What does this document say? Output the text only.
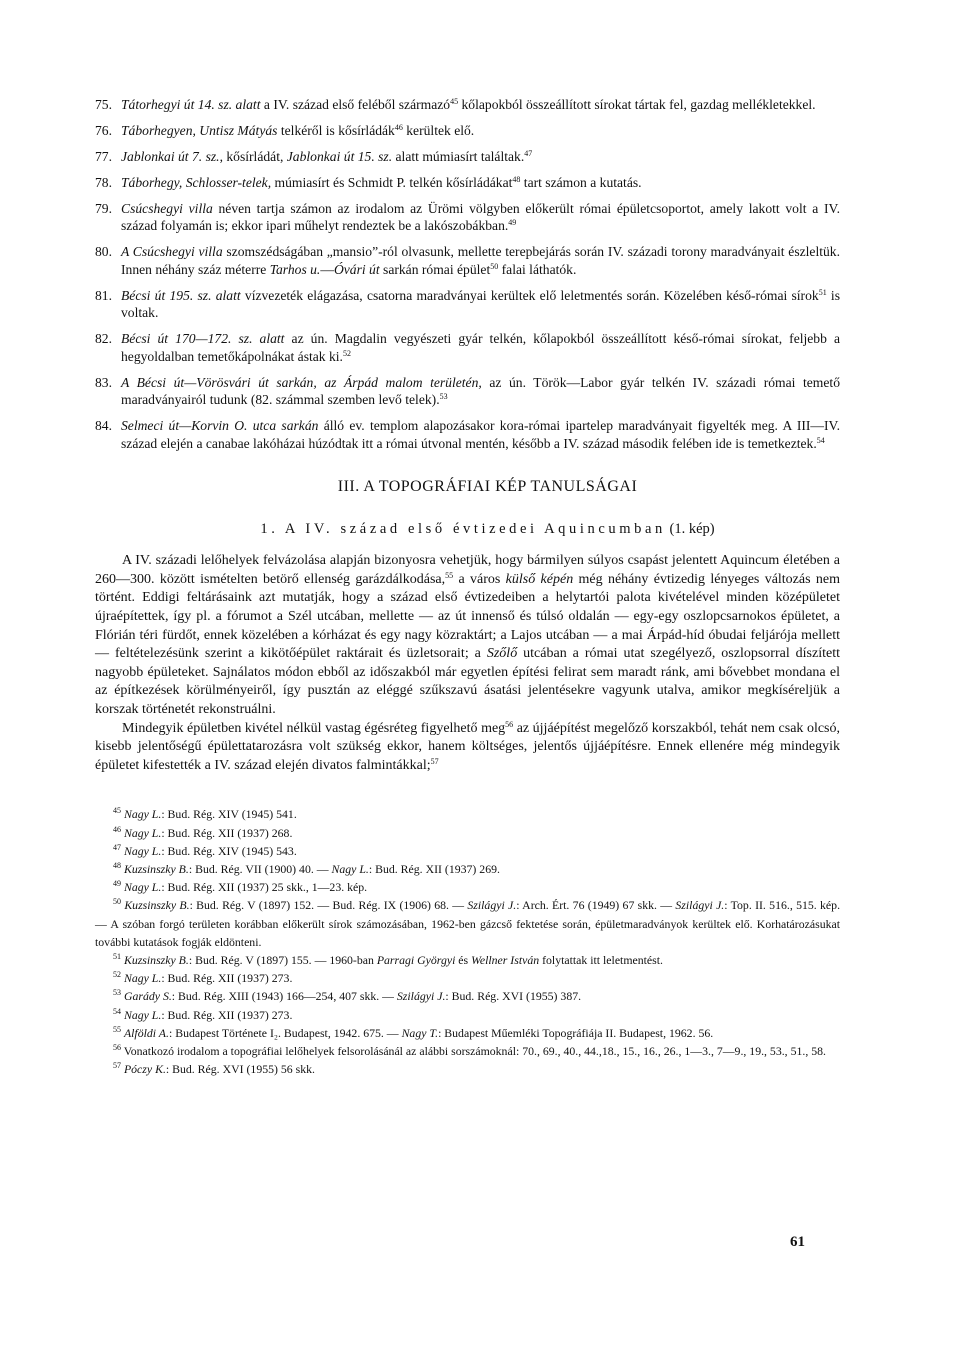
75. Tátorhegyi út 14. sz. alatt a IV. század első feléből származó$^{45}$ kőlapokból összeállított sírokat tártak fel, gazdag mellékletekkel.
76. Táborhegyen, Untisz Mátyás telkéről is kősírládák$^{46}$ kerültek elő.
77. Jablonkai út 7. sz., kősírládát, Jablonkai út 15. sz. alatt múmiasírt találtak.$^{47}$
78. Táborhegy, Schlosser-telek, múmiasírt és Schmidt P. telkén kősírládákat$^{48}$ tart számon a kutatás.
79. Csúcshegyi villa néven tartja számon az irodalom az Ürömi völgyben előkerült római épületcsoportot, amely lakott volt a IV. század folyamán is; ekkor ipari műhelyt rendeztek be a lakószobákban.$^{49}$
80. A Csúcshegyi villa szomszédságában „mansio”-ról olvasunk, mellette terepbejárás során IV. századi torony maradványait észleltük. Innen néhány száz méterre Tarhos u.—Óvári út sarkán római épület$^{50}$ falai láthatók.
81. Bécsi út 195. sz. alatt vízvezeték elágazása, csatorna maradványai kerültek elő leletmentés során. Közelében késő-római sírok$^{51}$ is voltak.
82. Bécsi út 170—172. sz. alatt az ún. Magdalin vegyészeti gyár telkén, kőlapokból összeállított késő-római sírokat, feljebb a hegyoldalban temetőkápolnákat ástak ki.$^{52}$
83. A Bécsi út—Vörösvári út sarkán, az Árpád malom területén, az ún. Török—Labor gyár telkén IV. századi római temető maradványairól tudunk (82. számmal szemben levő telek).$^{53}$
84. Selmeci út—Korvin O. utca sarkán álló ev. templom alapozásakor kora-római ipartelep maradványait figyelték meg. A III—IV. század elején a canabae lakóházai húzódtak itt a római útvonal mentén, később a IV. század második felében ide is temetkeztek.$^{54}$
III. A TOPOGRÁFIAI KÉP TANULSÁGAI
1. A IV. század első évtizedei Aquincumban (1. kép)

A IV. századi lelőhelyek felvázolása alapján bizonyosra vehetjük, hogy bármilyen súlyos csapást jelentett Aquincum életében a 260—300. között ismételten betörő ellenség garázdálkodása,$^{55}$ a város külső képén még néhány évtizedig lényeges változás nem történt. Eddigi feltárásaink azt mutatják, hogy a század első évtizedeiben a helytartói palota kivételével minden középületet újraépítettek, így pl. a fórumot a Szél utcában, mellette — az út innenső és túlsó oldalán — egy-egy oszlopcsarnokos épületet, a Flórián téri fürdőt, ennek közelében a kórházat és egy nagy közraktárt; a Lajos utcában — a mai Árpád-híd óbudai feljárója mellett — feltételezésünk szerint a kikötőépület raktárait és üzletsorait; a Szőlő utcában a római utat szegélyező, oszlopsorral díszített nagyobb épületeket. Sajnálatos módon ebből az időszakból már egyetlen építési felirat sem maradt ránk, ami bővebbet mondana el az építkezések körülményeiről, így pusztán az eléggé szűkszavú ásatási jelentésekre vagyunk utalva, amikor megkíséreljük a korszak történetét rekonstruálni.

Mindegyik épületben kivétel nélkül vastag égésréteg figyelhető meg$^{56}$ az újjáépítést megelőző korszakból, tehát nem csak olcsó, kisebb jelentőségű épülettatarozásra volt szükség ekkor, hanem költséges, jelentős újjáépítésre. Ennek ellenére még mindegyik épületet kifestették a IV. század elején divatos falmintákkal;$^{57}$

$^{45}$ Nagy L.: Bud. Rég. XIV (1945) 541.

$^{46}$ Nagy L.: Bud. Rég. XII (1937) 268.

$^{47}$ Nagy L.: Bud. Rég. XIV (1945) 543.

$^{48}$ Kuzsinszky B.: Bud. Rég. VII (1900) 40. — Nagy L.: Bud. Rég. XII (1937) 269.

$^{49}$ Nagy L.: Bud. Rég. XII (1937) 25 skk., 1—23. kép.

$^{50}$ Kuzsinszky B.: Bud. Rég. V (1897) 152. — Bud. Rég. IX (1906) 68. — Szilágyi J.: Arch. Ért. 76 (1949) 67 skk. — Szilágyi J.: Top. II. 516., 515. kép. — A szóban forgó területen korábban előkerült sírok számozásában, 1962-ben gázcső fektetése során, épületmaradványok kerültek elő. Korhatározásukat további kutatások fogják eldönteni.

$^{51}$ Kuzsinszky B.: Bud. Rég. V (1897) 155. — 1960-ban Parragi Györgyi és Wellner István folytattak itt leletmentést.

$^{52}$ Nagy L.: Bud. Rég. XII (1937) 273.

$^{53}$ Garády S.: Bud. Rég. XIII (1943) 166—254, 407 skk. — Szilágyi J.: Bud. Rég. XVI (1955) 387.

$^{54}$ Nagy L.: Bud. Rég. XII (1937) 273.

$^{55}$ Alföldi A.: Budapest Története I₂. Budapest, 1942. 675. — Nagy T.: Budapest Műemléki Topográfiája II. Budapest, 1962. 56.

$^{56}$ Vonatkozó irodalom a topográfiai lelőhelyek felsorolásánál az alábbi sorszámoknál: 70., 69., 40., 44.,18., 15., 16., 26., 1—3., 7—9., 19., 53., 51., 58.

$^{57}$ Póczy K.: Bud. Rég. XVI (1955) 56 skk.

61
